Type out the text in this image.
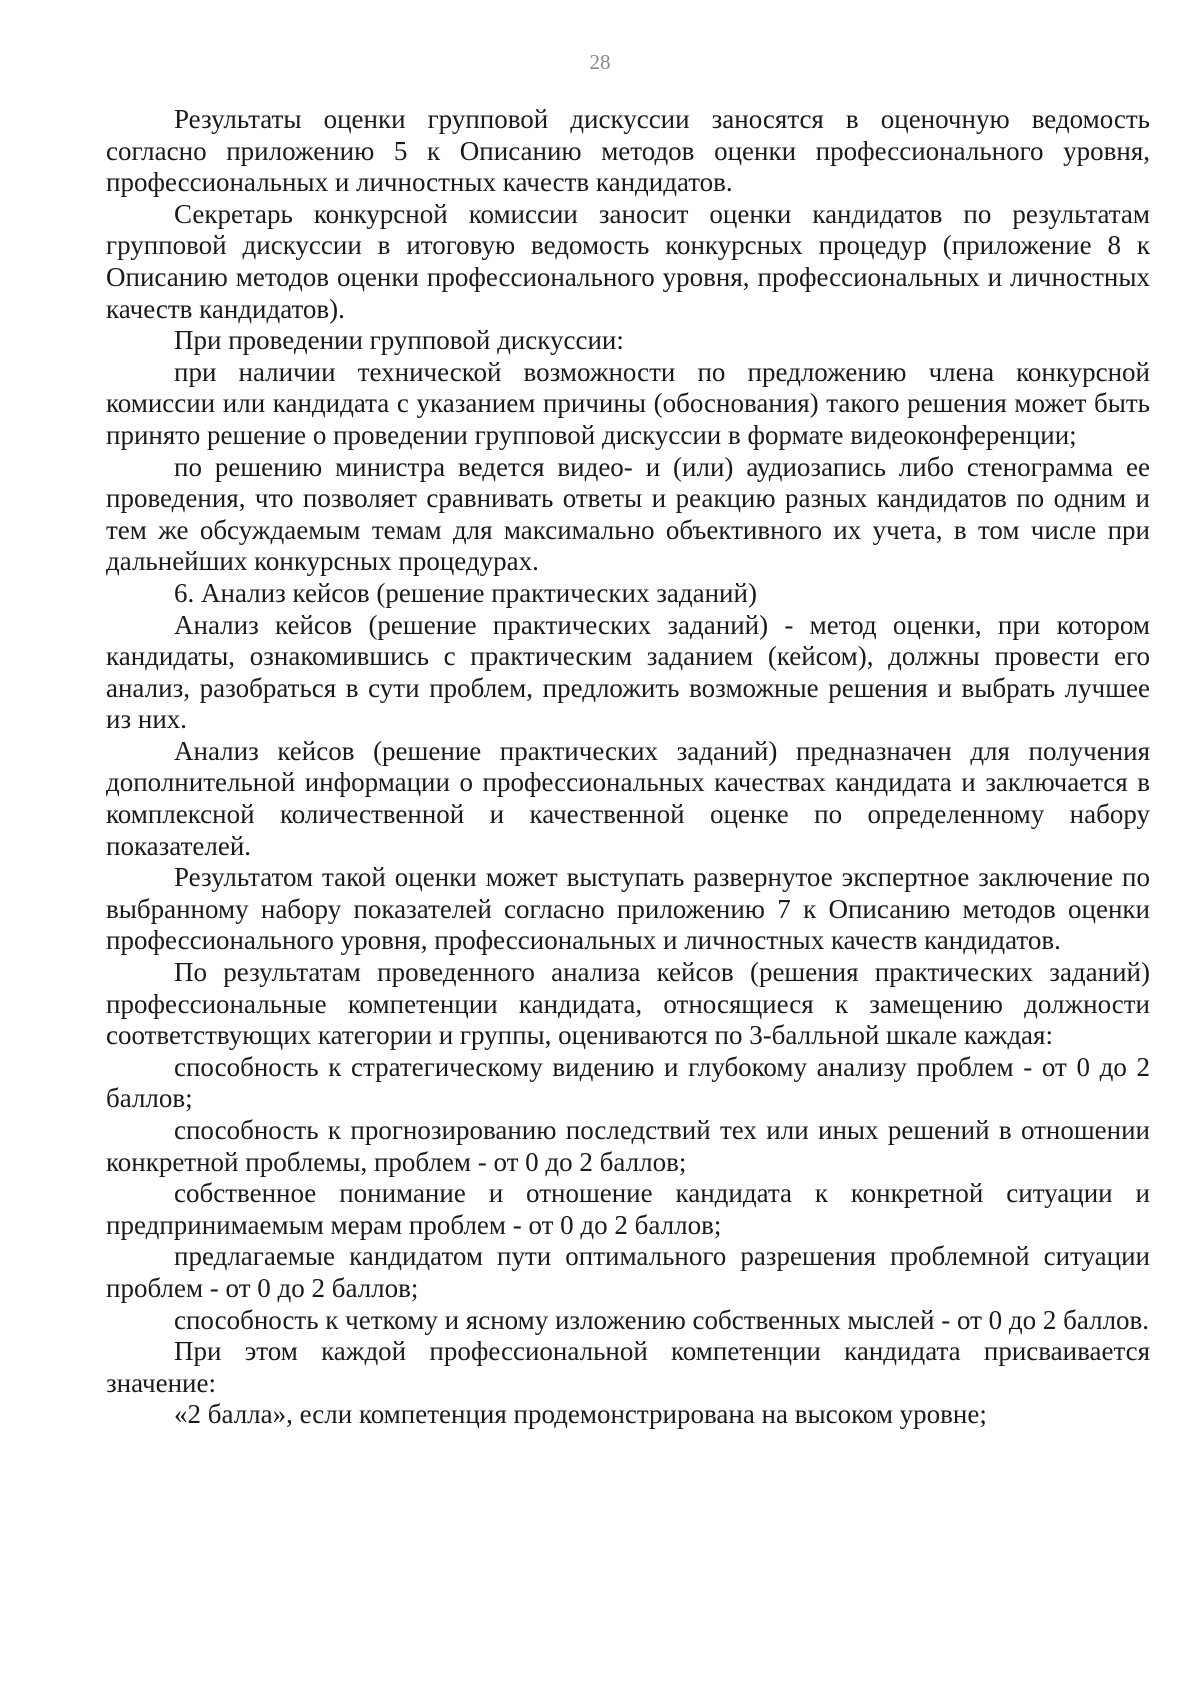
28

Результаты оценки групповой дискуссии заносятся в оценочную ведомость согласно приложению 5 к Описанию методов оценки профессионального уровня, профессиональных и личностных качеств кандидатов.

Секретарь конкурсной комиссии заносит оценки кандидатов по результатам групповой дискуссии в итоговую ведомость конкурсных процедур (приложение 8 к Описанию методов оценки профессионального уровня, профессиональных и личностных качеств кандидатов).

При проведении групповой дискуссии:

при наличии технической возможности по предложению члена конкурсной комиссии или кандидата с указанием причины (обоснования) такого решения может быть принято решение о проведении групповой дискуссии в формате видеоконференции;

по решению министра ведется видео- и (или) аудиозапись либо стенограмма ее проведения, что позволяет сравнивать ответы и реакцию разных кандидатов по одним и тем же обсуждаемым темам для максимально объективного их учета, в том числе при дальнейших конкурсных процедурах.

6. Анализ кейсов (решение практических заданий)

Анализ кейсов (решение практических заданий) - метод оценки, при котором кандидаты, ознакомившись с практическим заданием (кейсом), должны провести его анализ, разобраться в сути проблем, предложить возможные решения и выбрать лучшее из них.

Анализ кейсов (решение практических заданий) предназначен для получения дополнительной информации о профессиональных качествах кандидата и заключается в комплексной количественной и качественной оценке по определенному набору показателей.

Результатом такой оценки может выступать развернутое экспертное заключение по выбранному набору показателей согласно приложению 7 к Описанию методов оценки профессионального уровня, профессиональных и личностных качеств кандидатов.

По результатам проведенного анализа кейсов (решения практических заданий) профессиональные компетенции кандидата, относящиеся к замещению должности соответствующих категории и группы, оцениваются по 3-балльной шкале каждая:

способность к стратегическому видению и глубокому анализу проблем - от 0 до 2 баллов;

способность к прогнозированию последствий тех или иных решений в отношении конкретной проблемы, проблем - от 0 до 2 баллов;

собственное понимание и отношение кандидата к конкретной ситуации и предпринимаемым мерам проблем - от 0 до 2 баллов;

предлагаемые кандидатом пути оптимального разрешения проблемной ситуации проблем - от 0 до 2 баллов;

способность к четкому и ясному изложению собственных мыслей - от 0 до 2 баллов.

При этом каждой профессиональной компетенции кандидата присваивается значение:

«2 балла», если компетенция продемонстрирована на высоком уровне;
